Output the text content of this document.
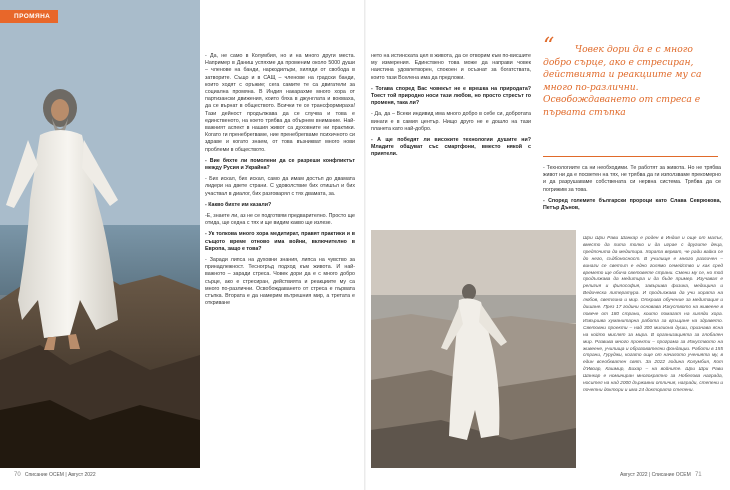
ПРОМЯНА

- Да, не само в Колумбия, но и на много други места. Например в Даниш успяхме да променим около 5000 души – членове на банди, наркодилъри, хиляди от свобода в затворите. Също и в САЩ – членове на градски банди, които ходят с оръжие; сега самите те са двигатели за социална промяна. В Индия накарахме много хора от партизански движения, които бяха в джунглата и воюваха, да се върнат в обществото. Всички те се трансформираха! Тази дейност продължава да се случва и това е единственото, на което трябва да обърнем внимание. Най-важният аспект в нашия живот са духовните ни практики. Когато ги пренебрегваме, ние пренебрегваме психичното си здраве и когато знаем, от това възникват много нови проблеми в обществото.

- Вие бяхте ли помолени да се разреши конфликтът между Русия и Украйна?

- Бих искал, бих искал, само да имам достъп до двамата лидери на двете страни. С удоволствие бих отишъл и бих участвал в диалог, бих разговарял с тях двамата, за.

- Какво бихте им казали?

-Е, знаете ли, аз не се подготвям предварително. Просто ще отида, ще седна с тях и ще видим какво ще излезе.

- Ук толкова много хора медитират, правят практики и в същото време отново има войни, включително в Европа, защо е това?

- Заради липса на духовни знания, липса на чувство за принадлежност. Тесногръд подход към живота. И най-важното – заради стреса. Човек дори да е с много добро сърце, ако е стресиран, действията и реакциите му са много по-различни. Освобождаването от стреса е първата стъпка. Втората е да намерим вътрешния мир, а третата е откриване

нето на истинската цел в живота, да се отворим към по-висшите му измерения. Единствено това може да направи човек наистина удовлетворен, спокоен и осъзнат за богатствата, които тази Вселена има да предложи.

- Тогава според Вас човекът не е врешка на природата? Тоест той природно носи тази любов, но просто стресът го променя, така ли?

- Да, да – Всеки индивид има много добро в себе си, добротата винаги е в самия център. Нищо друго не е дошло на тази планета като най-добро.

- А ще победят ли високите технологии душите ни? Младите общуват със смартфони, вместо някой с приятели.

“	Човек дори да е с много добро сърце, ако е стресиран, действията и реакциите му са много по-различни. Освобождаването от стреса е първата стъпка

- Технологиите са ни необходими. Те работят за живота. Но не трябва живот ни да е посветен на тях, не трябва да ги използваме прекомерно и да разрушаваме собствената си нервна система. Трябва да се погрижим за това.

- Според големите български пророци като Слава Севрюкова, Петър Дънов,

Шри Шри Рави Шанкар е роден в Индия и още от малък, вместо да пита толко и да играе с другите деца, предпочита да медитира. Хората вярват, че ради вайка се до него, съдбоносност. В училище е много различен – винаги се светът е едно голямо семейство и как сред времето ще обича световете страни. Смени му се, но той продължава да медитира и да бъде пример. Изучавал е религия и философия, завършва физика, медицина и Ведическа литература. И продължава да учи хората на любов, светлина и мир. Открива обучение за медитация и дишане. През 17 години основава Изкуството на живеене в повече от 180 страни, които помагат на хиляди хора. Извършва хуманитарна работа за връщане на здравето. Световни проекти – над 300 милиона души, признава ясна на който мислят за мира. В организацията за глобален мир. Развива много проекти – програма за Изкуството на живеене, училища и образователни фондации. Работи в 155 страни, Гуруджи, когато още от началото ученията му, в един всеобхватен свят. За 2022 година Колумбия, Кот д'Ивоар, Кашмир, Бихар – на войните. Шри Шри Рави Шанкар е номиниран многократно за Нобелова награда, носител на над 2000 държавни отличия, награди, степени и почетни доктори и има 24 доктората степени.
70 Списание ОСЕМ | Август 2022	Август 2022 | Списание ОСЕМ 71
